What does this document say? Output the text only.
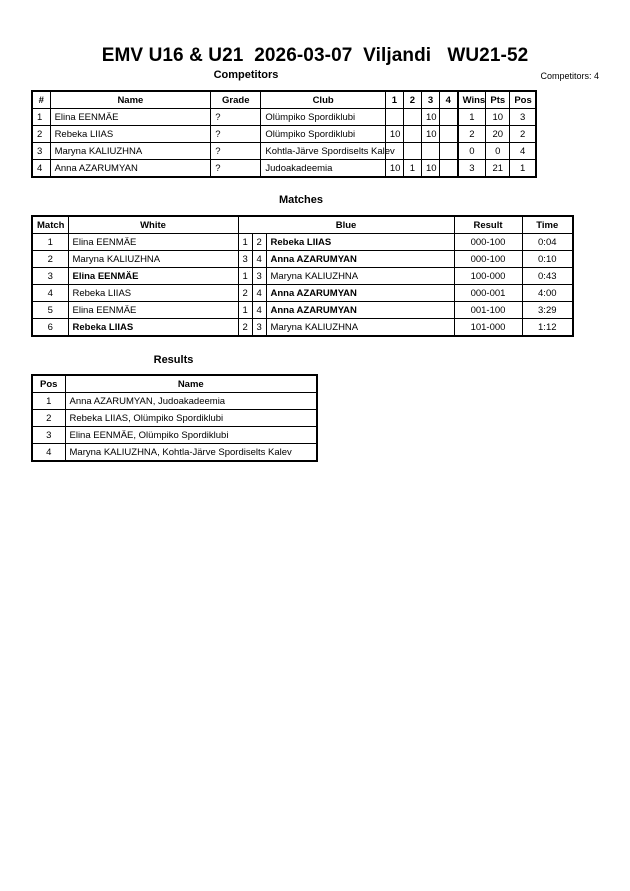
EMV U16 & U21  2026-03-07  Viljandi   WU21-52
Competitors	Competitors: 4
#	Name	Grade	Club	1	2	3	4	Wins	Pts	Pos
1	Elina EENMÄE	?	Olümpiko Spordiklubi			10		1	10	3
2	Rebeka LIIAS	?	Olümpiko Spordiklubi	10		10		2	20	2
3	Maryna KALIUZHNA	?	Kohtla-Järve Spordiselts Kalev					0	0	4
4	Anna AZARUMYAN	?	Judoakadeemia	10	1	10		3	21	1
Matches
Match	White	Blue			Result	Time
1	Elina EENMÄE	1	2	Rebeka LIIAS	000-100	0:04
2	Maryna KALIUZHNA	3	4	Anna AZARUMYAN	000-100	0:10
3	Elina EENMÄE	1	3	Maryna KALIUZHNA	100-000	0:43
4	Rebeka LIIAS	2	4	Anna AZARUMYAN	000-001	4:00
5	Elina EENMÄE	1	4	Anna AZARUMYAN	001-100	3:29
6	Rebeka LIIAS	2	3	Maryna KALIUZHNA	101-000	1:12
Results
Pos	Name
1	Anna AZARUMYAN, Judoakadeemia
2	Rebeka LIIAS, Olümpiko Spordiklubi
3	Elina EENMÄE, Olümpiko Spordiklubi
4	Maryna KALIUZHNA, Kohtla-Järve Spordiselts Kalev
